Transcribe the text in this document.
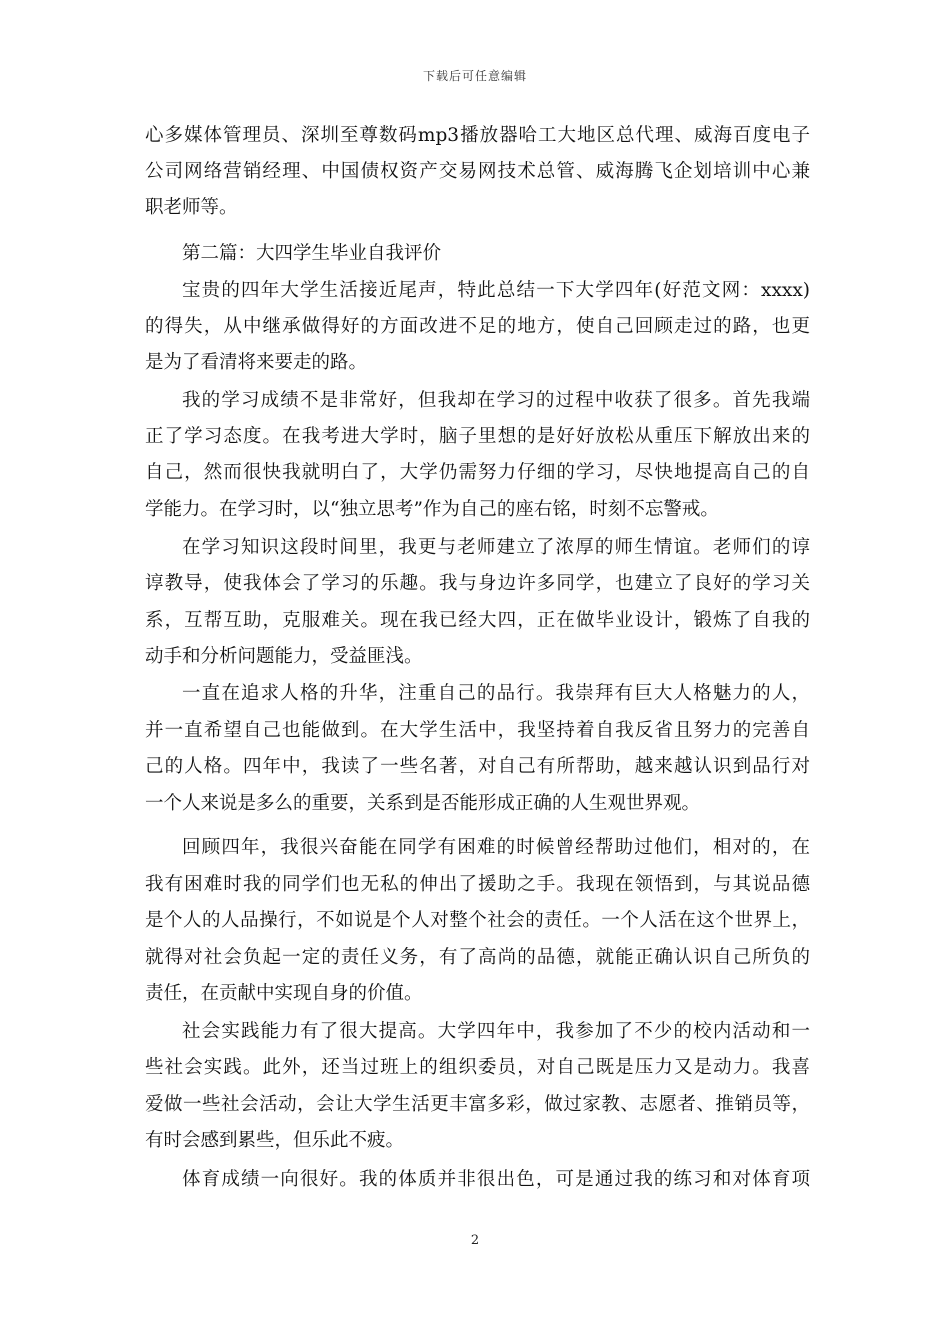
下载后可任意编辑
心多媒体管理员、深圳至尊数码mp3播放器哈工大地区总代理、威海百度电子
公司网络营销经理、中国债权资产交易网技术总管、威海腾飞企划培训中心兼
职老师等。
第二篇：大四学生毕业自我评价
宝贵的四年大学生活接近尾声，特此总结一下大学四年(好范文网：xxxx)
的得失，从中继承做得好的方面改进不足的地方，使自己回顾走过的路，也更
是为了看清将来要走的路。
我的学习成绩不是非常好，但我却在学习的过程中收获了很多。首先我端
正了学习态度。在我考进大学时，脑子里想的是好好放松从重压下解放出来的
自己，然而很快我就明白了，大学仍需努力仔细的学习，尽快地提高自己的自
学能力。在学习时，以“独立思考”作为自己的座右铭，时刻不忘警戒。
在学习知识这段时间里，我更与老师建立了浓厚的师生情谊。老师们的谆
谆教导，使我体会了学习的乐趣。我与身边许多同学，也建立了良好的学习关
系，互帮互助，克服难关。现在我已经大四，正在做毕业设计，锻炼了自我的
动手和分析问题能力，受益匪浅。
一直在追求人格的升华，注重自己的品行。我崇拜有巨大人格魅力的人，
并一直希望自己也能做到。在大学生活中，我坚持着自我反省且努力的完善自
己的人格。四年中，我读了一些名著，对自己有所帮助，越来越认识到品行对
一个人来说是多么的重要，关系到是否能形成正确的人生观世界观。
回顾四年，我很兴奋能在同学有困难的时候曾经帮助过他们，相对的，在
我有困难时我的同学们也无私的伸出了援助之手。我现在领悟到，与其说品德
是个人的人品操行，不如说是个人对整个社会的责任。一个人活在这个世界上，
就得对社会负起一定的责任义务，有了高尚的品德，就能正确认识自己所负的
责任，在贡献中实现自身的价值。
社会实践能力有了很大提高。大学四年中，我参加了不少的校内活动和一
些社会实践。此外，还当过班上的组织委员，对自己既是压力又是动力。我喜
爱做一些社会活动，会让大学生活更丰富多彩，做过家教、志愿者、推销员等，
有时会感到累些，但乐此不疲。
体育成绩一向很好。我的体质并非很出色，可是通过我的练习和对体育项
2
